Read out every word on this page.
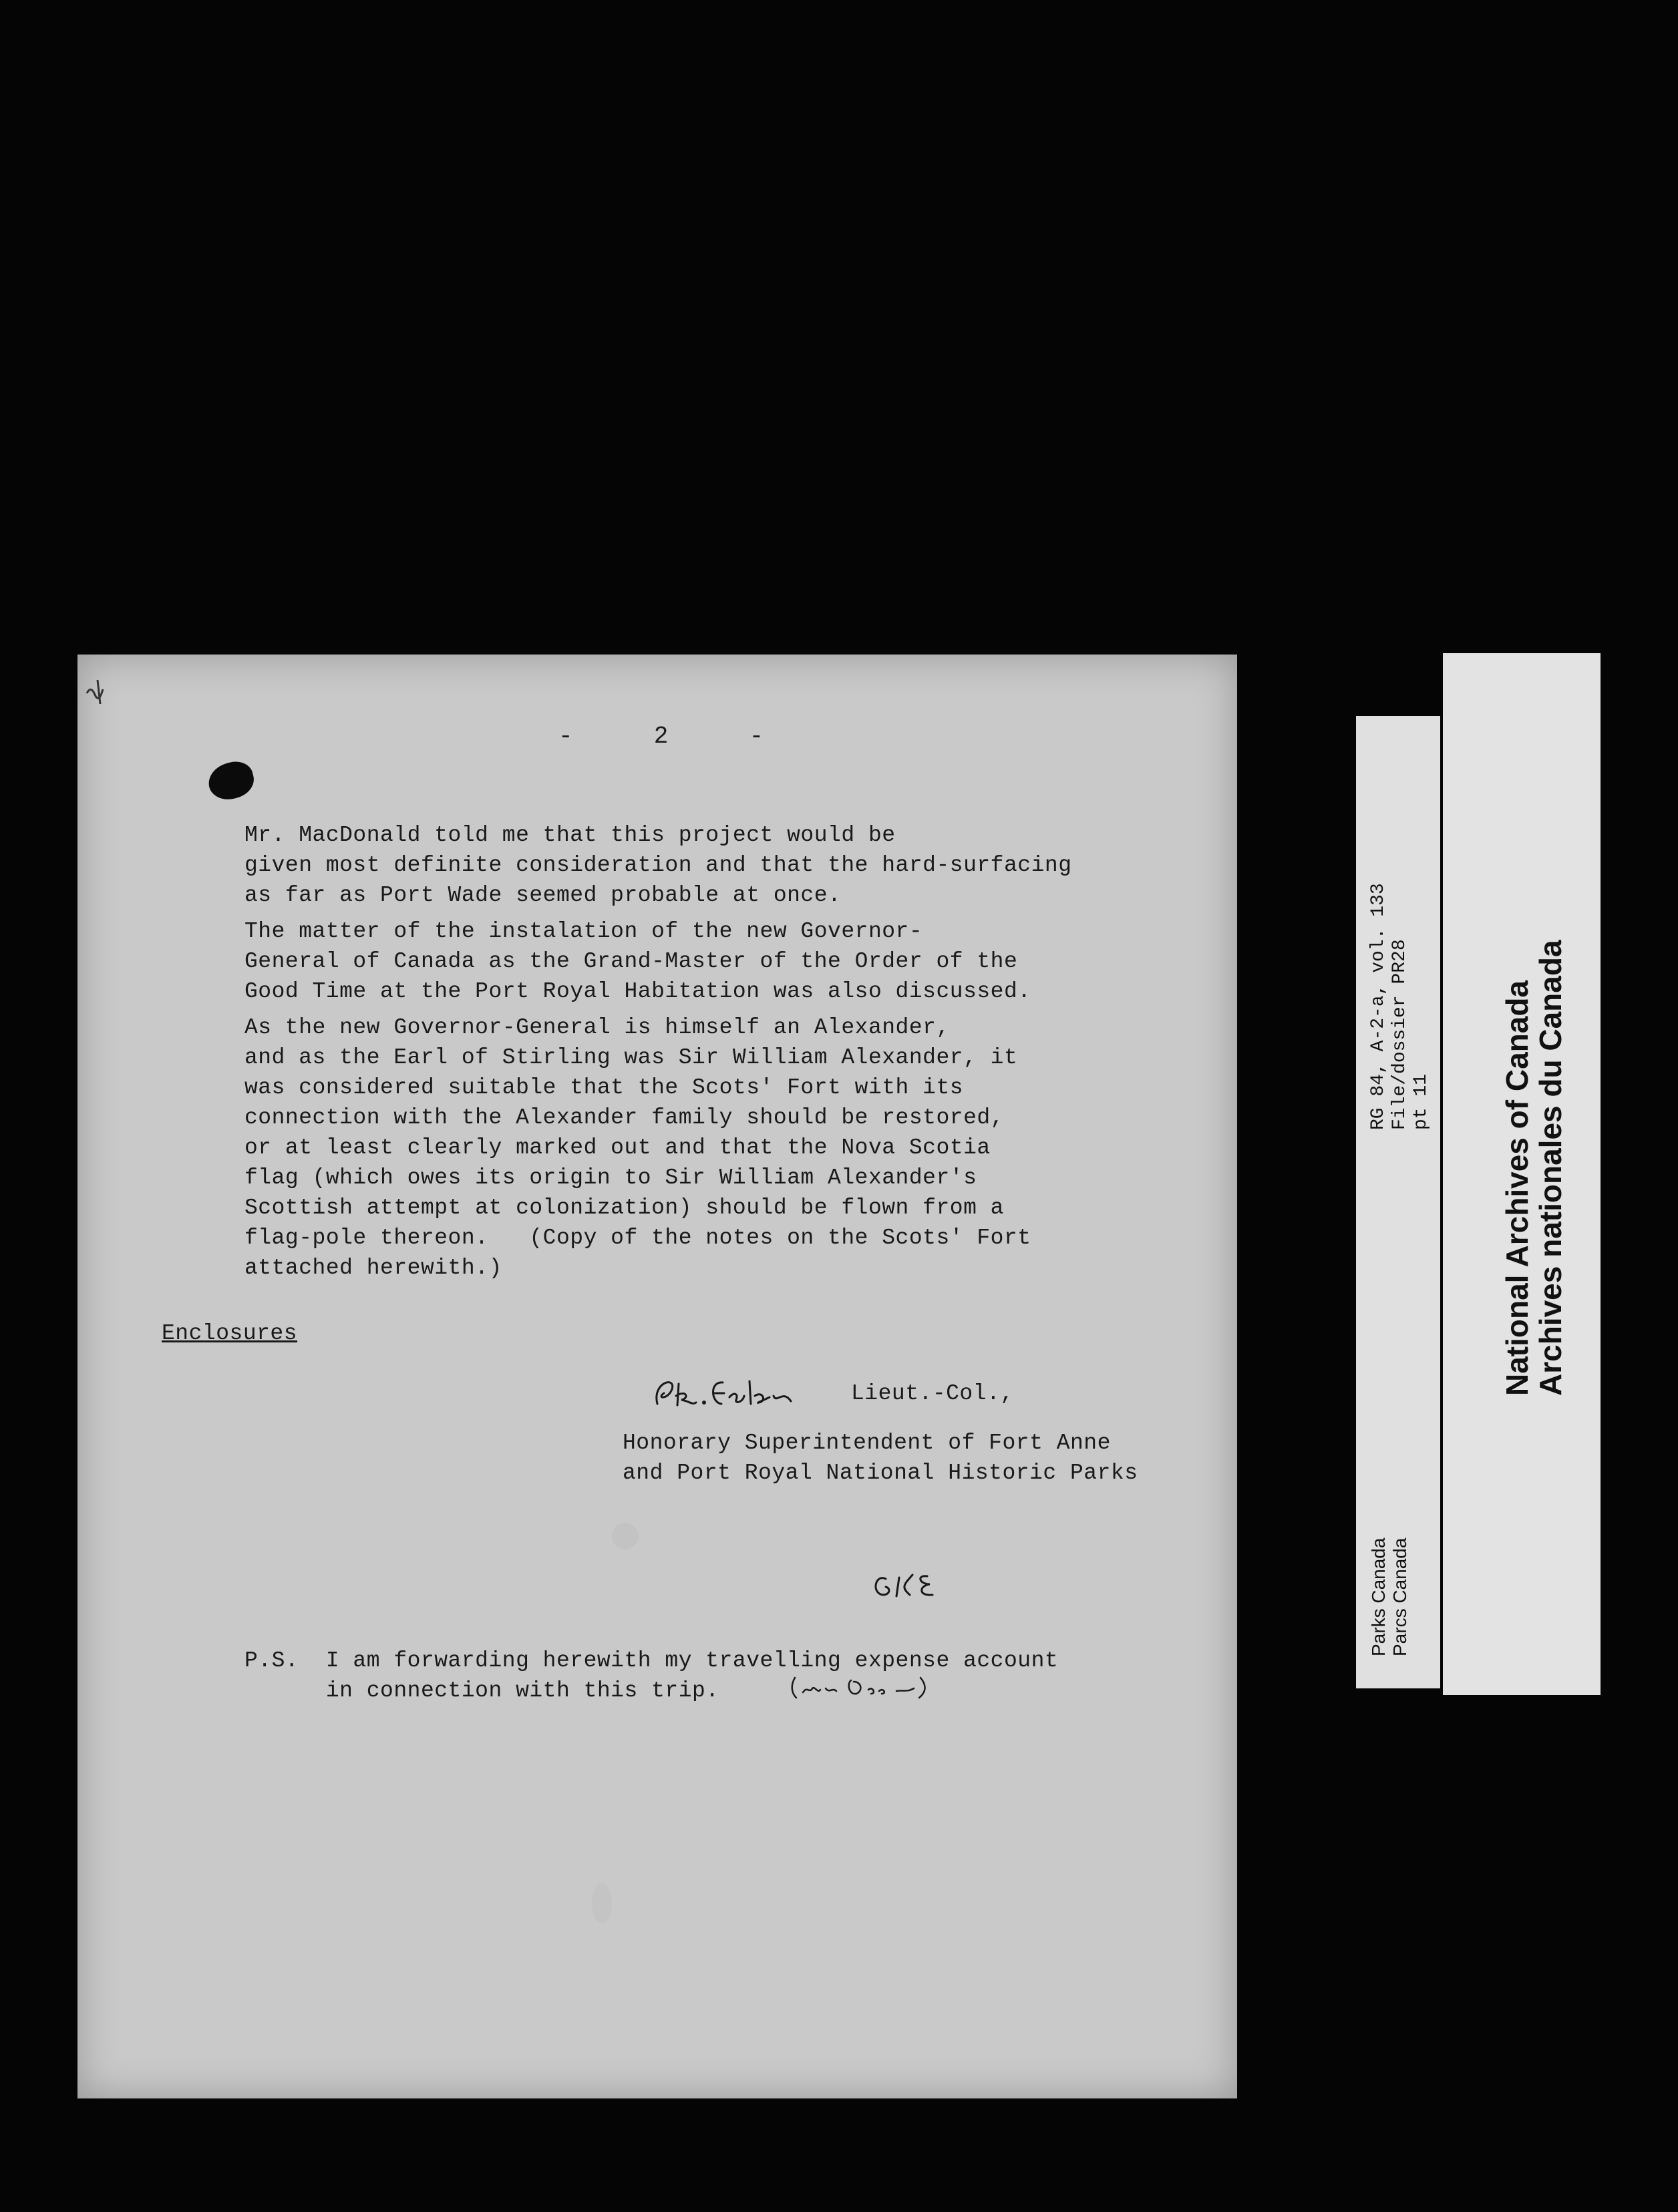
-  2  -
Mr. MacDonald told me that this project would be
given most definite consideration and that the hard-surfacing
as far as Port Wade seemed probable at once.
The matter of the instalation of the new Governor-
General of Canada as the Grand-Master of the Order of the
Good Time at the Port Royal Habitation was also discussed.
As the new Governor-General is himself an Alexander,
and as the Earl of Stirling was Sir William Alexander, it
was considered suitable that the Scots' Fort with its
connection with the Alexander family should be restored,
or at least clearly marked out and that the Nova Scotia
flag (which owes its origin to Sir William Alexander's
Scottish attempt at colonization) should be flown from a
flag-pole thereon.   (Copy of the notes on the Scots' Fort
attached herewith.)
Enclosures
Lieut.-Col.,
Honorary Superintendent of Fort Anne
and Port Royal National Historic Parks
P.S.  I am forwarding herewith my travelling expense account
in connection with this trip.
Parks Canada
Parcs Canada
RG 84, A-2-a, vol. 133
File/dossier PR28
pt 11
National Archives of Canada
Archives nationales du Canada
